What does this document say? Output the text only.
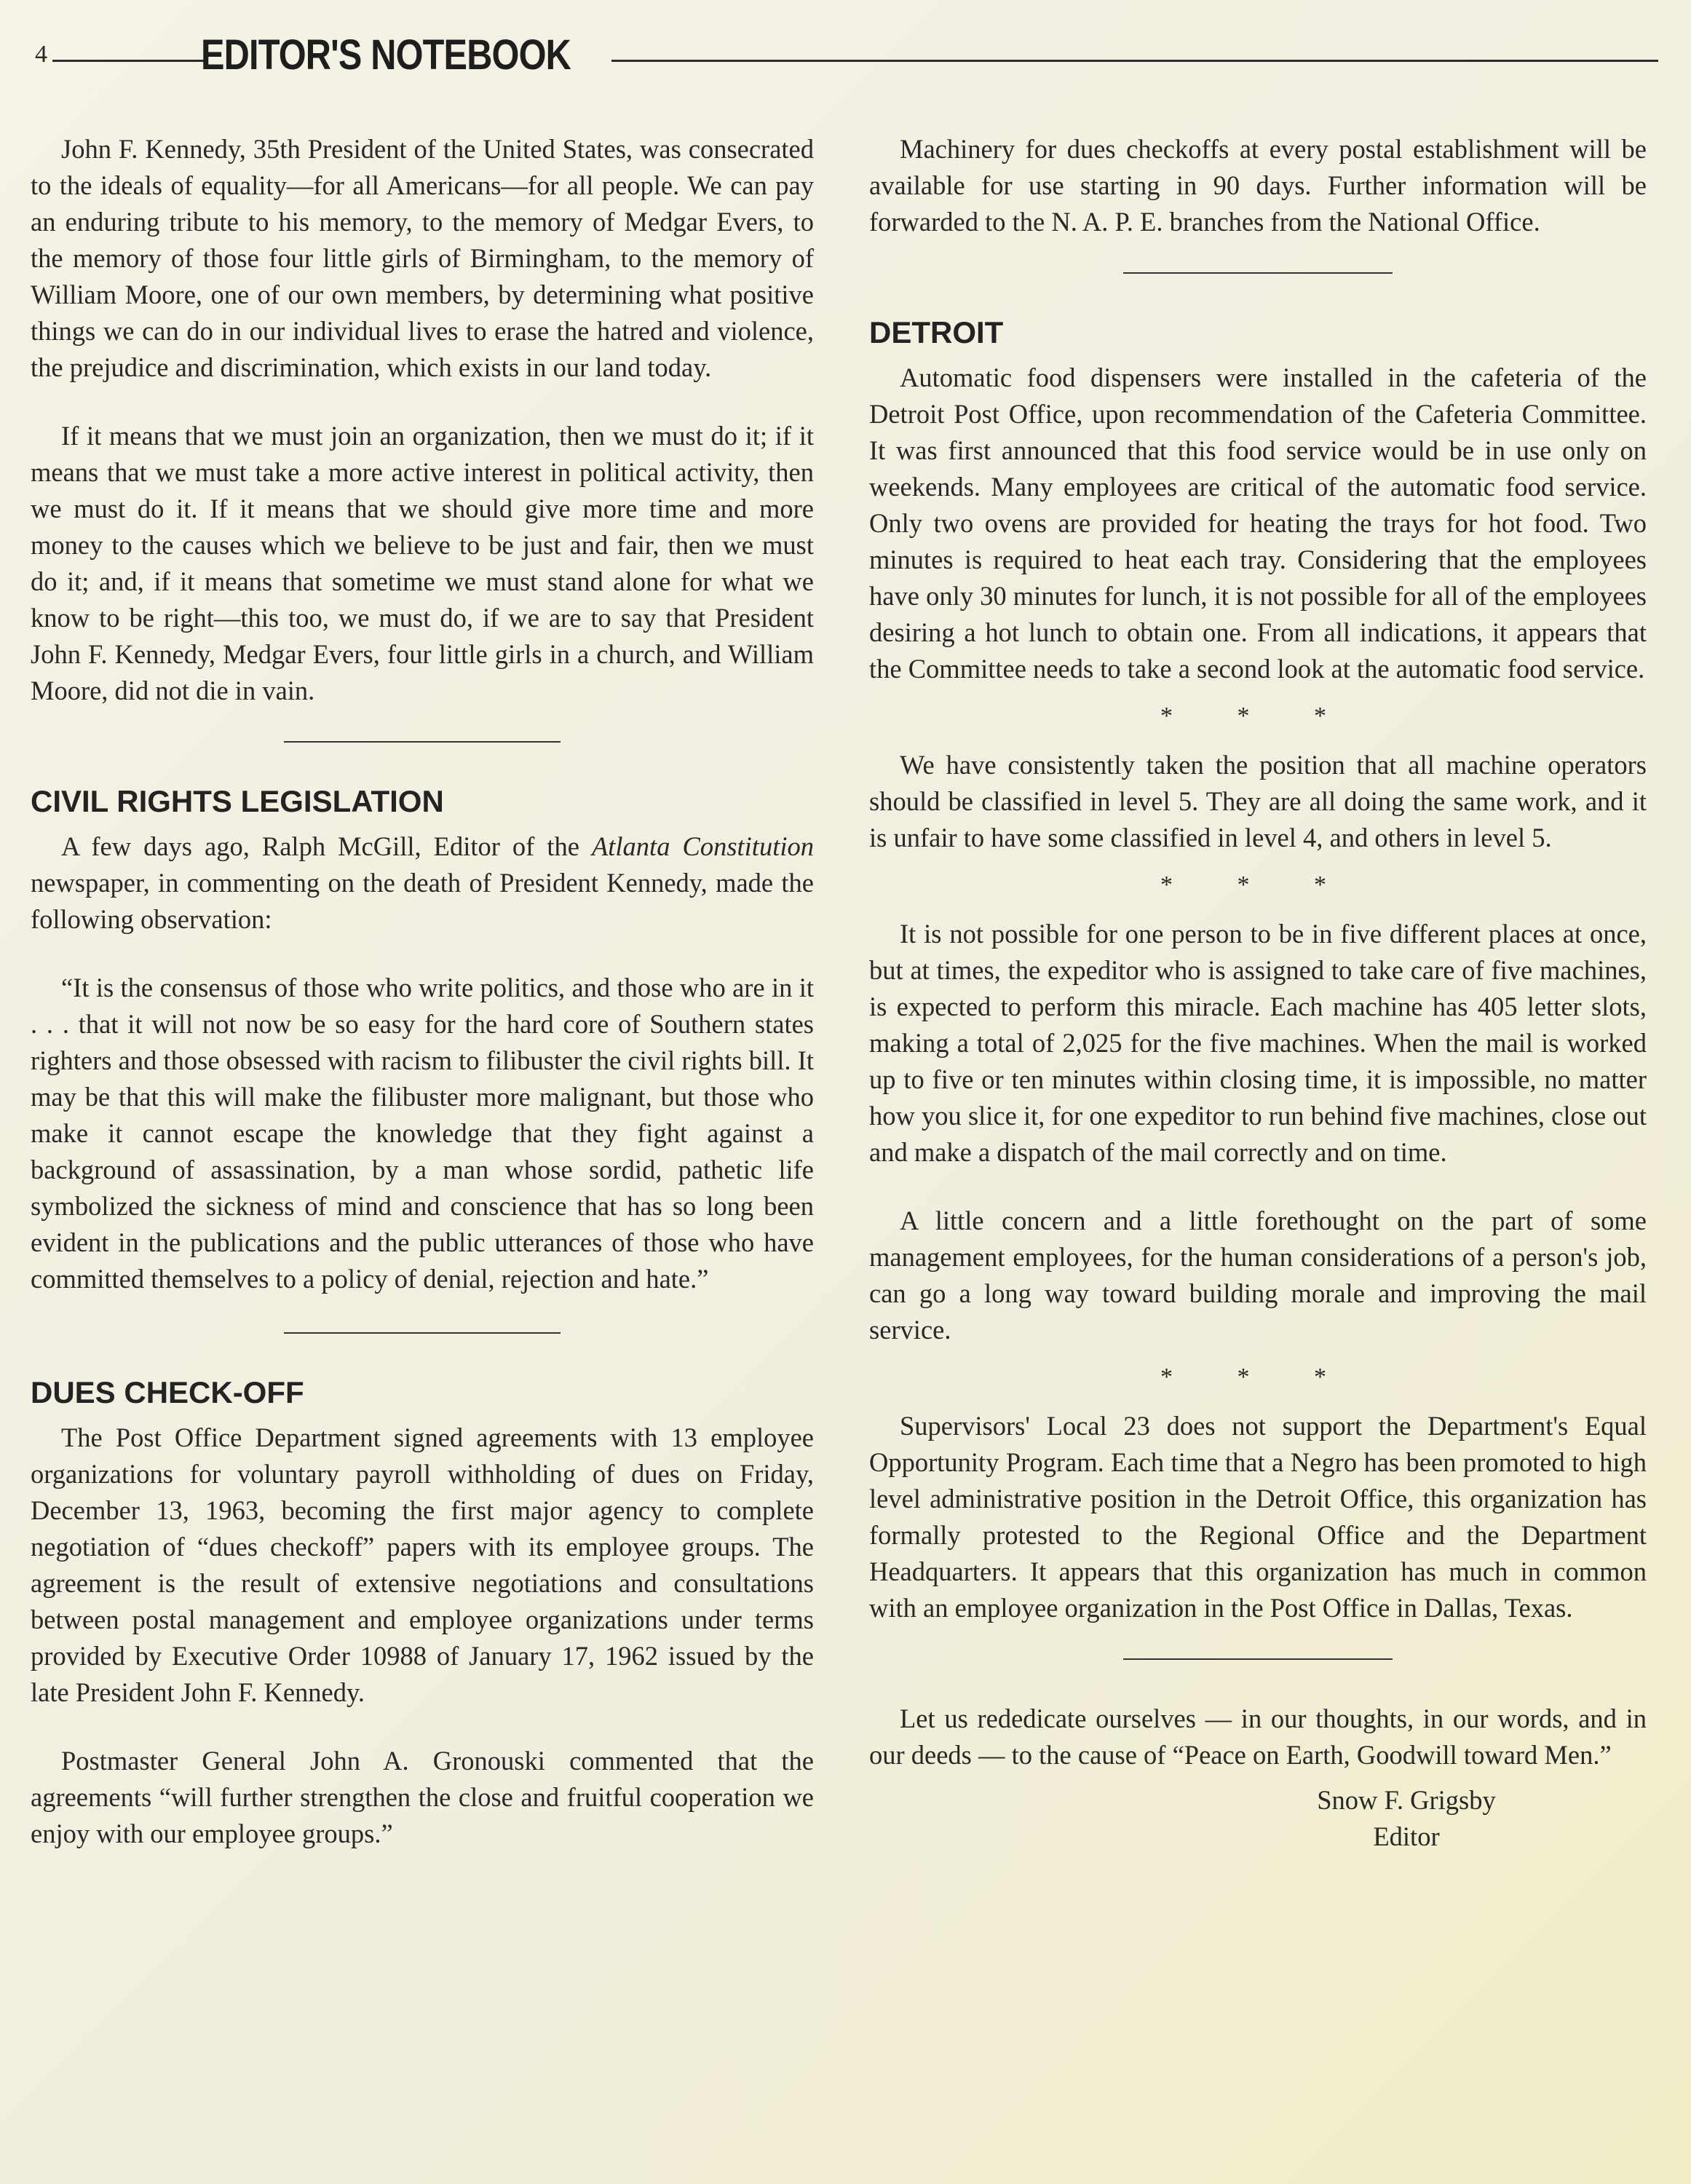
4	EDITOR'S NOTEBOOK

John F. Kennedy, 35th President of the United States, was consecrated to the ideals of equality—for all Americans—for all people. We can pay an enduring tribute to his memory, to the memory of Medgar Evers, to the memory of those four little girls of Birmingham, to the memory of William Moore, one of our own members, by determining what positive things we can do in our individual lives to erase the hatred and violence, the prejudice and discrimination, which exists in our land today.

If it means that we must join an organization, then we must do it; if it means that we must take a more active interest in political activity, then we must do it. If it means that we should give more time and more money to the causes which we believe to be just and fair, then we must do it; and, if it means that sometime we must stand alone for what we know to be right—this too, we must do, if we are to say that President John F. Kennedy, Medgar Evers, four little girls in a church, and William Moore, did not die in vain.

CIVIL RIGHTS LEGISLATION

A few days ago, Ralph McGill, Editor of the Atlanta Constitution newspaper, in commenting on the death of President Kennedy, made the following observation:

“It is the consensus of those who write politics, and those who are in it . . . that it will not now be so easy for the hard core of Southern states righters and those obsessed with racism to filibuster the civil rights bill. It may be that this will make the filibuster more malignant, but those who make it cannot escape the knowledge that they fight against a background of assassination, by a man whose sordid, pathetic life symbolized the sickness of mind and conscience that has so long been evident in the publications and the public utterances of those who have committed themselves to a policy of denial, rejection and hate.”

DUES CHECK-OFF

The Post Office Department signed agreements with 13 employee organizations for voluntary payroll withholding of dues on Friday, December 13, 1963, becoming the first major agency to complete negotiation of “dues checkoff” papers with its employee groups. The agreement is the result of extensive negotiations and consultations between postal management and employee organizations under terms provided by Executive Order 10988 of January 17, 1962 issued by the late President John F. Kennedy.

Postmaster General John A. Gronouski commented that the agreements “will further strengthen the close and fruitful cooperation we enjoy with our employee groups.”

Machinery for dues checkoffs at every postal establishment will be available for use starting in 90 days. Further information will be forwarded to the N. A. P. E. branches from the National Office.

DETROIT

Automatic food dispensers were installed in the cafeteria of the Detroit Post Office, upon recommendation of the Cafeteria Committee. It was first announced that this food service would be in use only on weekends. Many employees are critical of the automatic food service. Only two ovens are provided for heating the trays for hot food. Two minutes is required to heat each tray. Considering that the employees have only 30 minutes for lunch, it is not possible for all of the employees desiring a hot lunch to obtain one. From all indications, it appears that the Committee needs to take a second look at the automatic food service.

* * *

We have consistently taken the position that all machine operators should be classified in level 5. They are all doing the same work, and it is unfair to have some classified in level 4, and others in level 5.

* * *

It is not possible for one person to be in five different places at once, but at times, the expeditor who is assigned to take care of five machines, is expected to perform this miracle. Each machine has 405 letter slots, making a total of 2,025 for the five machines. When the mail is worked up to five or ten minutes within closing time, it is impossible, no matter how you slice it, for one expeditor to run behind five machines, close out and make a dispatch of the mail correctly and on time.

A little concern and a little forethought on the part of some management employees, for the human considerations of a person's job, can go a long way toward building morale and improving the mail service.

* * *

Supervisors' Local 23 does not support the Department's Equal Opportunity Program. Each time that a Negro has been promoted to high level administrative position in the Detroit Office, this organization has formally protested to the Regional Office and the Department Headquarters. It appears that this organization has much in common with an employee organization in the Post Office in Dallas, Texas.

Let us rededicate ourselves — in our thoughts, in our words, and in our deeds — to the cause of “Peace on Earth, Goodwill toward Men.”

Snow F. Grigsby
Editor
